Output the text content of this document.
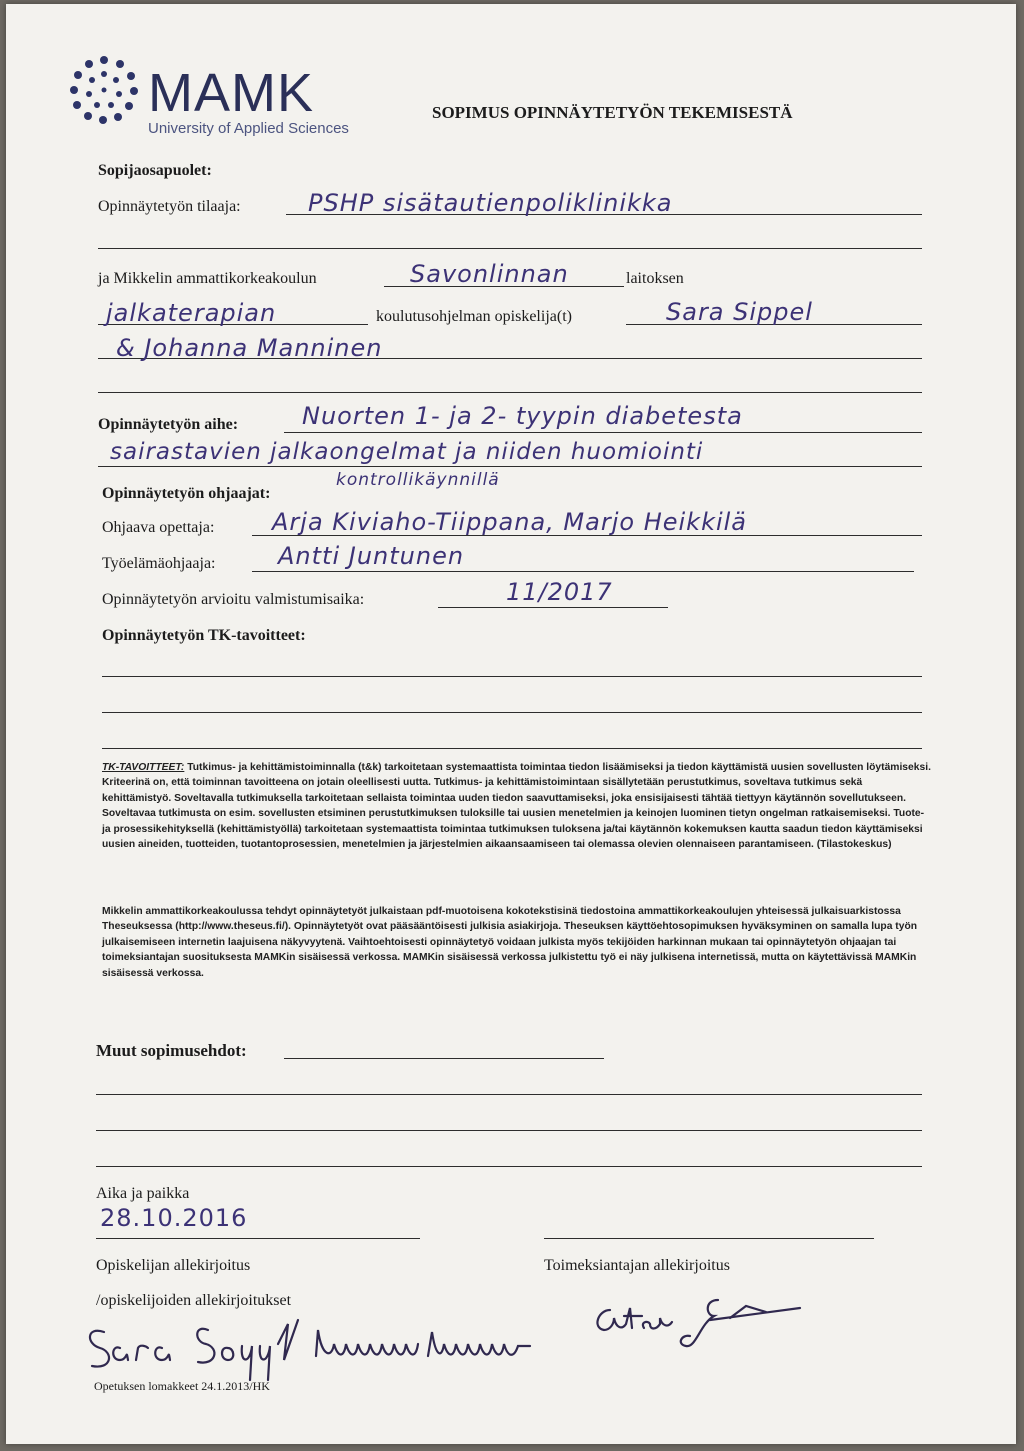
MAMK
University of Applied Sciences
SOPIMUS OPINNÄYTETYÖN TEKEMISESTÄ
Sopijaosapuolet:
Opinnäytetyön tilaaja:	PSHP sisätautienpoliklinikka
ja Mikkelin ammattikorkeakoulun	Savonlinnan	laitoksen
jalkaterapian	koulutusohjelman opiskelija(t)	Sara Sippel
& Johanna Manninen
Opinnäytetyön aihe:	Nuorten 1- ja 2- tyypin diabetesta
sairastavien jalkaongelmat ja niiden huomiointi
kontrollikäynnillä
Opinnäytetyön ohjaajat:
Ohjaava opettaja: Arja Kiviaho-Tiippana, Marjo Heikkilä
Työelämäohjaaja:	Antti Juntunen
Opinnäytetyön arvioitu valmistumisaika:	11/2017
Opinnäytetyön TK-tavoitteet:
TK-TAVOITTEET: Tutkimus- ja kehittämistoiminnalla (t&k) tarkoitetaan systemaattista toimintaa tiedon lisäämiseksi ja tiedon käyttämistä uusien sovellusten löytämiseksi. Kriteerinä on, että toiminnan tavoitteena on jotain oleellisesti uutta. Tutkimus- ja kehittämistoimintaan sisällytetään perustutkimus, soveltava tutkimus sekä kehittämistyö. Soveltavalla tutkimuksella tarkoitetaan sellaista toimintaa uuden tiedon saavuttamiseksi, joka ensisijaisesti tähtää tiettyyn käytännön sovellutukseen. Soveltavaa tutkimusta on esim. sovellusten etsiminen perustutkimuksen tuloksille tai uusien menetelmien ja keinojen luominen tietyn ongelman ratkaisemiseksi. Tuote- ja prosessikehityksellä (kehittämistyöllä) tarkoitetaan systemaattista toimintaa tutkimuksen tuloksena ja/tai käytännön kokemuksen kautta saadun tiedon käyttämiseksi uusien aineiden, tuotteiden, tuotantoprosessien, menetelmien ja järjestelmien aikaansaamiseen tai olemassa olevien olennaiseen parantamiseen. (Tilastokeskus)
Mikkelin ammattikorkeakoulussa tehdyt opinnäytetyöt julkaistaan pdf-muotoisena kokotekstisinä tiedostoina ammattikorkeakoulujen yhteisessä julkaisuarkistossa Theseuksessa (http://www.theseus.fi/). Opinnäytetyöt ovat pääsääntöisesti julkisia asiakirjoja. Theseuksen käyttöehtosopimuksen hyväksyminen on samalla lupa työn julkaisemiseen internetin laajuisena näkyvyytenä. Vaihtoehtoisesti opinnäytetyö voidaan julkista myös tekijöiden harkinnan mukaan tai opinnäytetyön ohjaajan tai toimeksiantajan suosituksesta MAMKin sisäisessä verkossa. MAMKin sisäisessä verkossa julkistettu työ ei näy julkisena internetissä, mutta on käytettävissä MAMKin sisäisessä verkossa.
Muut sopimusehdot:
Aika ja paikka
28.10.2016
Opiskelijan allekirjoitus
/opiskelijoiden allekirjoitukset
Toimeksiantajan allekirjoitus
Opetuksen lomakkeet 24.1.2013/HK
